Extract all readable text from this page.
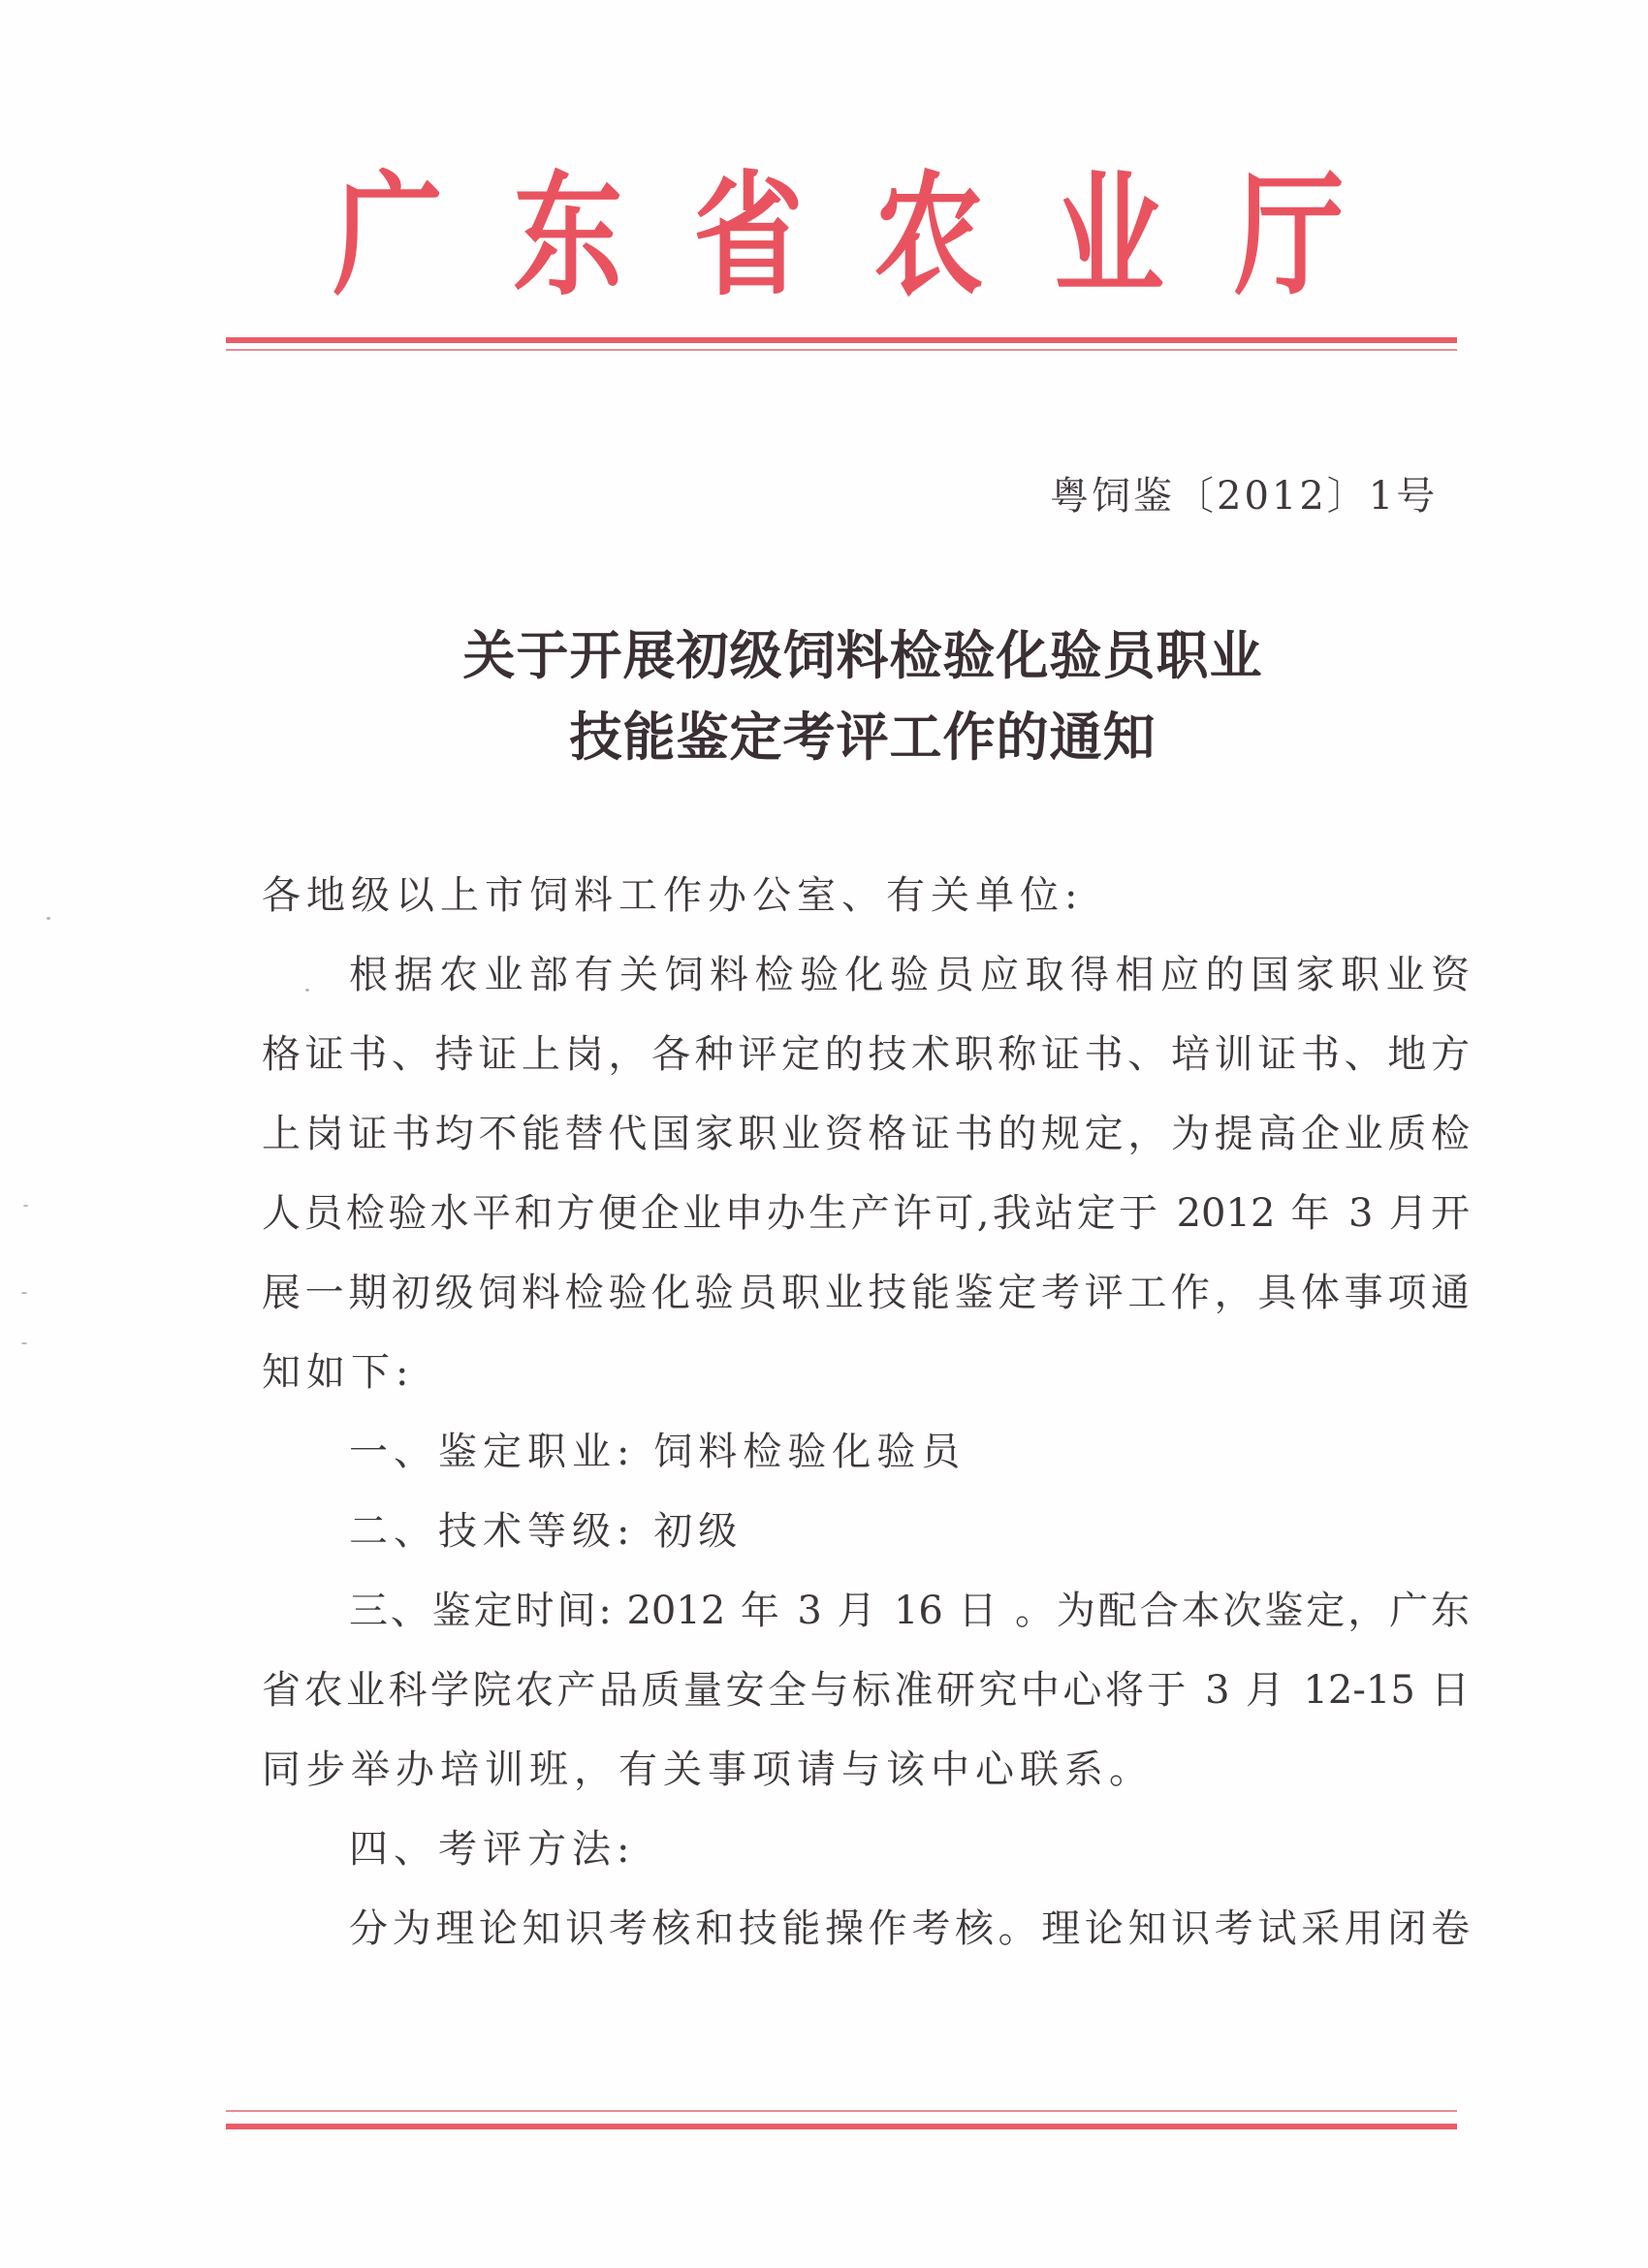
广 东 省 农 业 厅
粤饲鉴〔2012〕1号
关于开展初级饲料检验化验员职业
技能鉴定考评工作的通知
各地级以上市饲料工作办公室、有关单位:
根据农业部有关饲料检验化验员应取得相应的国家职业资
格证书、持证上岗，各种评定的技术职称证书、培训证书、地方
上岗证书均不能替代国家职业资格证书的规定，为提高企业质检
人员检验水平和方便企业申办生产许可,我站定于 2012 年 3 月开
展一期初级饲料检验化验员职业技能鉴定考评工作，具体事项通
知如下:
一、鉴定职业: 饲料检验化验员
二、技术等级: 初级
三、鉴定时间: 2012 年 3 月 16 日 。为配合本次鉴定，广东
省农业科学院农产品质量安全与标准研究中心将于 3 月 12-15 日
同步举办培训班，有关事项请与该中心联系。
四、考评方法:
分为理论知识考核和技能操作考核。理论知识考试采用闭卷
